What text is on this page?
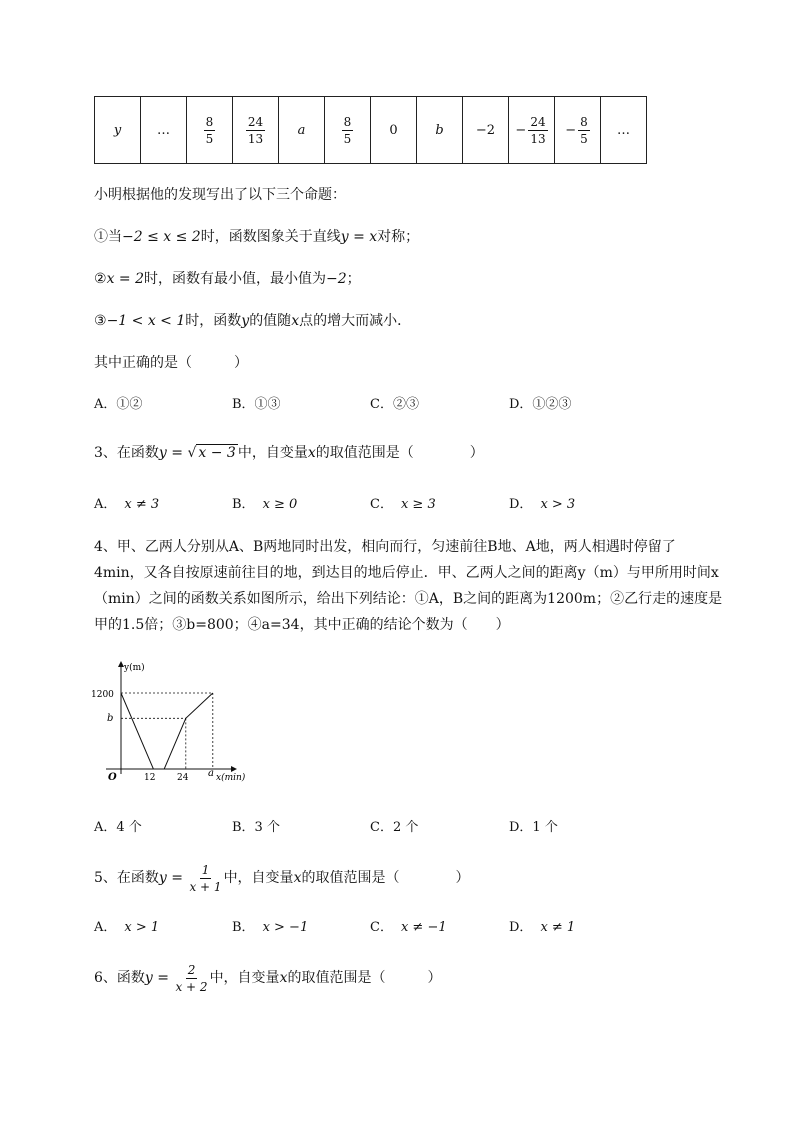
y	…	$\frac{8}{5}$	$\frac{24}{13}$	a	$\frac{8}{5}$	0	b	−2	− $\frac{24}{13}$	− $\frac{8}{5}$	…
小明根据他的发现写出了以下三个命题：
①当−2 ≤ x ≤ 2时，函数图象关于直线y = x对称；
②x = 2时，函数有最小值，最小值为−2；
③−1 < x < 1时，函数y的值随x点的增大而减小．
其中正确的是（　　　）
A．①②	B．①③	C．②③	D．①②③
3、在函数y = √ x − 3 中，自变量x的取值范围是（　　　　）
A． x ≠ 3	B． x ≥ 0	C． x ≥ 3	D． x > 3
4、甲、乙两人分别从A、B两地同时出发，相向而行，匀速前往B地、A地，两人相遇时停留了
4min，又各自按原速前往目的地，到达目的地后停止．甲、乙两人之间的距离y（m）与甲所用时间x
（min）之间的函数关系如图所示，给出下列结论：①A，B之间的距离为1200m；②乙行走的速度是
甲的1.5倍；③b=800；④a=34，其中正确的结论个数为（　　）
y(m)
x(min)
O
1200
b
12 24 a
A．4 个	B．3 个	C．2 个	D．1 个
5、在函数$y = \frac{1}{x + 1}$ 中，自变量x的取值范围是（　　　　）
A． x > 1	B． x > −1	C． x ≠ −1	D． x ≠ 1
6、函数$y = \frac{2}{x + 2}$ 中，自变量x的取值范围是（　　　）
